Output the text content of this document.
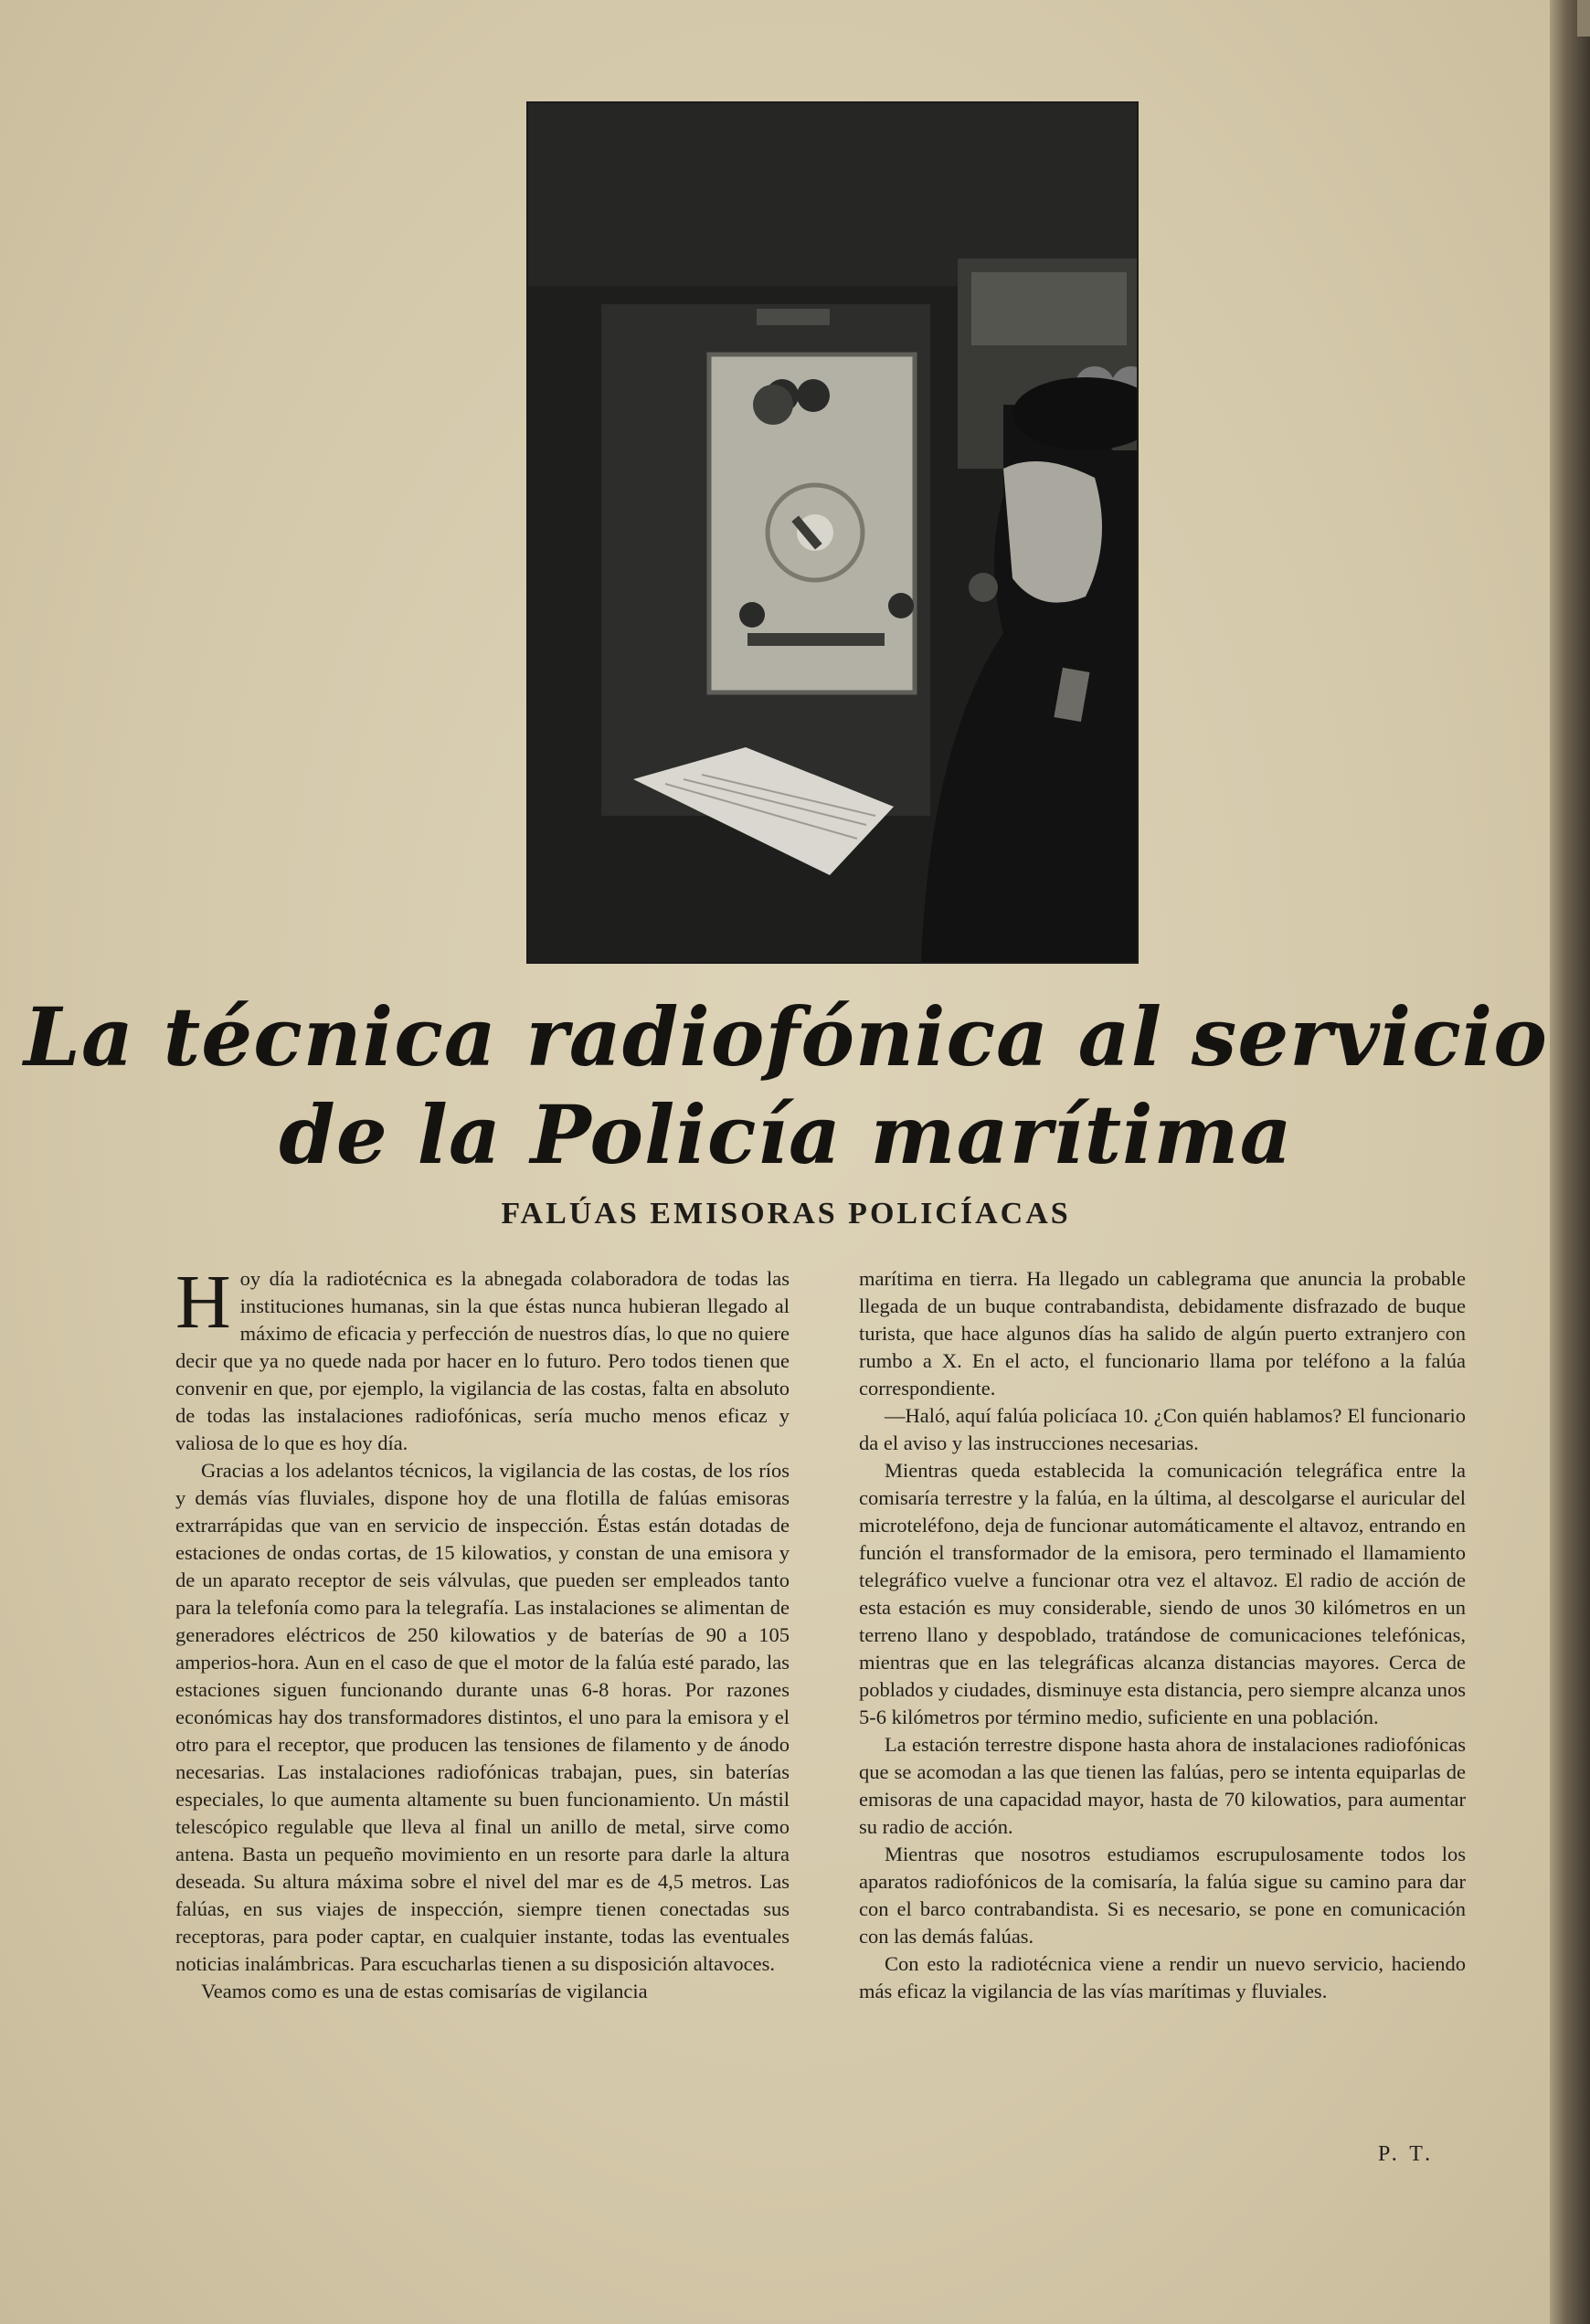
La técnica radiofónica al servicio
de la Policía marítima
FALÚAS EMISORAS POLICÍACAS

Hoy día la radiotécnica es la abnegada colaboradora de todas las instituciones humanas, sin la que éstas nunca hubieran llegado al máximo de eficacia y perfección de nuestros días, lo que no quiere decir que ya no quede nada por hacer en lo futuro. Pero todos tienen que convenir en que, por ejemplo, la vigilancia de las costas, falta en absoluto de todas las instalaciones radiofónicas, sería mucho menos eficaz y valiosa de lo que es hoy día.

Gracias a los adelantos técnicos, la vigilancia de las costas, de los ríos y demás vías fluviales, dispone hoy de una flotilla de falúas emisoras extrarrápidas que van en servicio de inspección. Éstas están dotadas de estaciones de ondas cortas, de 15 kilowatios, y constan de una emisora y de un aparato receptor de seis válvulas, que pueden ser empleados tanto para la telefonía como para la telegrafía. Las instalaciones se alimentan de generadores eléctricos de 250 kilowatios y de baterías de 90 a 105 amperios-hora. Aun en el caso de que el motor de la falúa esté parado, las estaciones siguen funcionando durante unas 6-8 horas. Por razones económicas hay dos transformadores distintos, el uno para la emisora y el otro para el receptor, que producen las tensiones de filamento y de ánodo necesarias. Las instalaciones radiofónicas trabajan, pues, sin baterías especiales, lo que aumenta altamente su buen funcionamiento. Un mástil telescópico regulable que lleva al final un anillo de metal, sirve como antena. Basta un pequeño movimiento en un resorte para darle la altura deseada. Su altura máxima sobre el nivel del mar es de 4,5 metros. Las falúas, en sus viajes de inspección, siempre tienen conectadas sus receptoras, para poder captar, en cualquier instante, todas las eventuales noticias inalámbricas. Para escucharlas tienen a su disposición altavoces.

Veamos como es una de estas comisarías de vigilancia

marítima en tierra. Ha llegado un cablegrama que anuncia la probable llegada de un buque contrabandista, debidamente disfrazado de buque turista, que hace algunos días ha salido de algún puerto extranjero con rumbo a X. En el acto, el funcionario llama por teléfono a la falúa correspondiente.

—Haló, aquí falúa policíaca 10. ¿Con quién hablamos? El funcionario da el aviso y las instrucciones necesarias.

Mientras queda establecida la comunicación telegráfica entre la comisaría terrestre y la falúa, en la última, al descolgarse el auricular del microteléfono, deja de funcionar automáticamente el altavoz, entrando en función el transformador de la emisora, pero terminado el llamamiento telegráfico vuelve a funcionar otra vez el altavoz. El radio de acción de esta estación es muy considerable, siendo de unos 30 kilómetros en un terreno llano y despoblado, tratándose de comunicaciones telefónicas, mientras que en las telegráficas alcanza distancias mayores. Cerca de poblados y ciudades, disminuye esta distancia, pero siempre alcanza unos 5-6 kilómetros por término medio, suficiente en una población.

La estación terrestre dispone hasta ahora de instalaciones radiofónicas que se acomodan a las que tienen las falúas, pero se intenta equiparlas de emisoras de una capacidad mayor, hasta de 70 kilowatios, para aumentar su radio de acción.

Mientras que nosotros estudiamos escrupulosamente todos los aparatos radiofónicos de la comisaría, la falúa sigue su camino para dar con el barco contrabandista. Si es necesario, se pone en comunicación con las demás falúas.

Con esto la radiotécnica viene a rendir un nuevo servicio, haciendo más eficaz la vigilancia de las vías marítimas y fluviales.

P. T.
